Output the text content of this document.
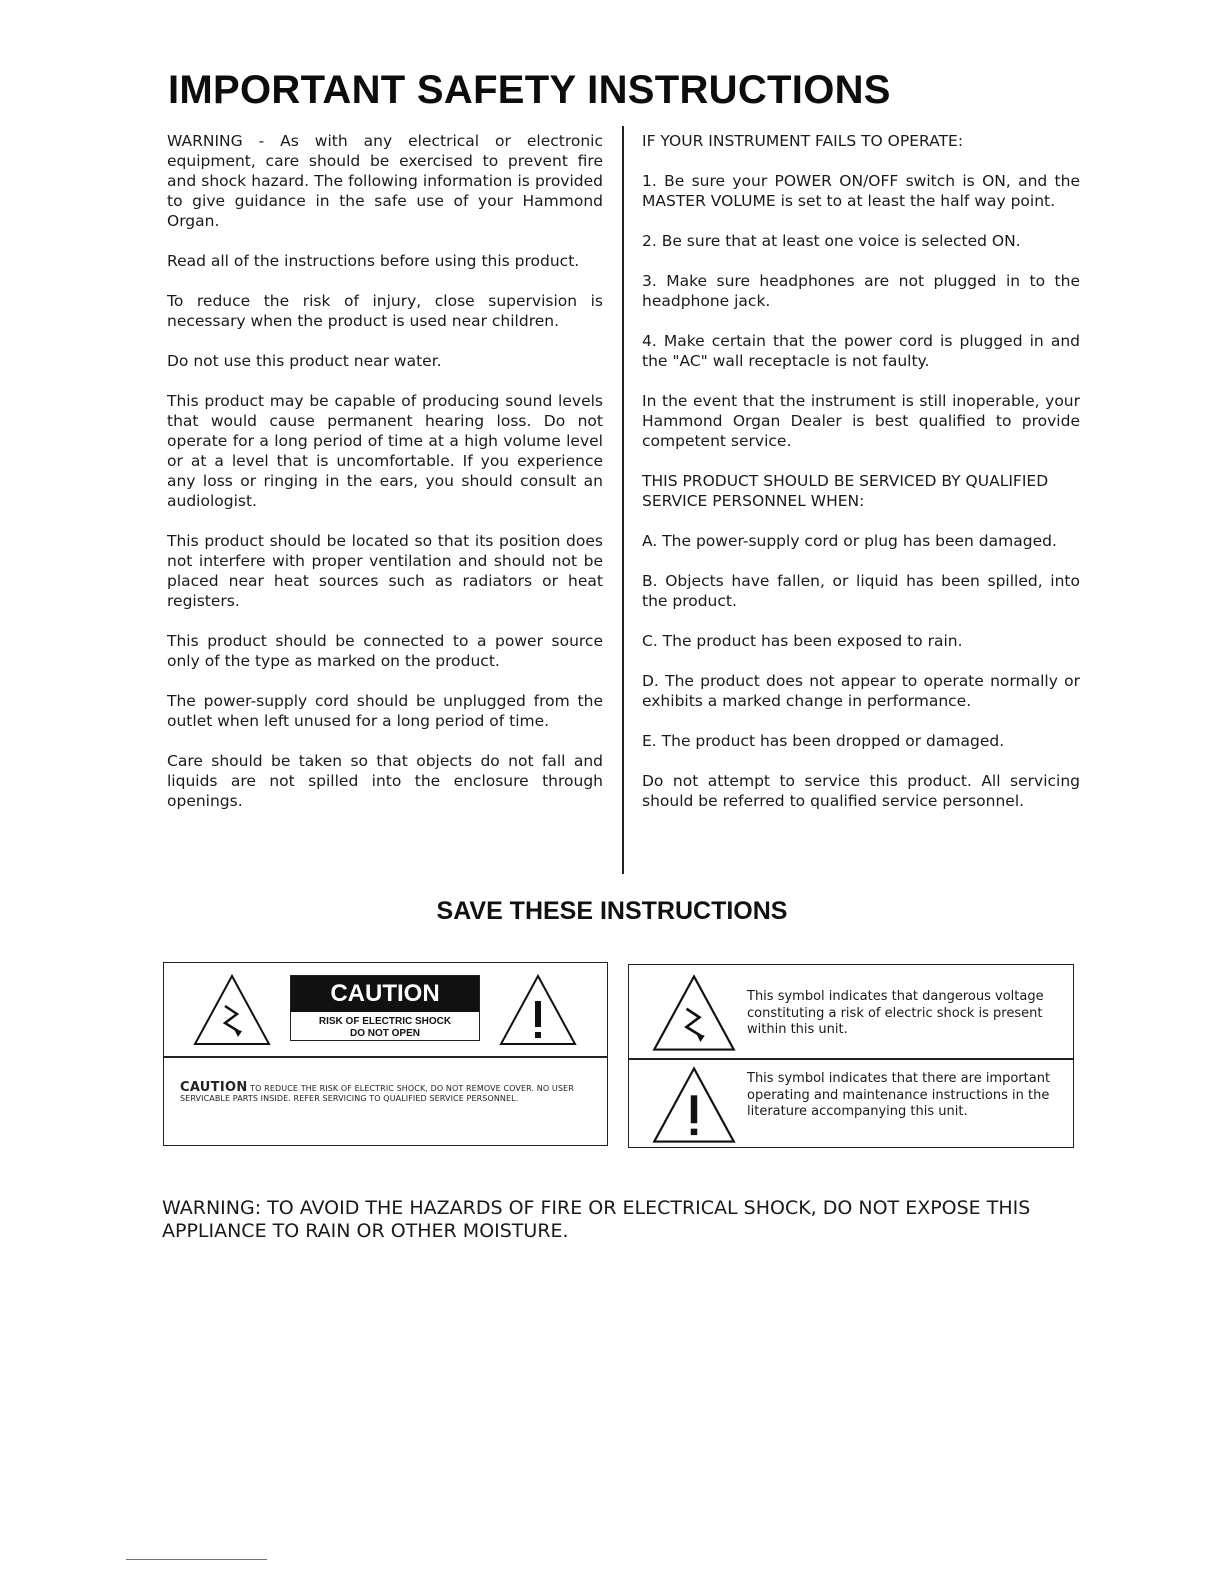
IMPORTANT SAFETY INSTRUCTIONS

WARNING - As with any electrical or electronic equipment, care should be exercised to prevent fire and shock hazard. The following information is provided to give guidance in the safe use of your Hammond Organ.

Read all of the instructions before using this product.

To reduce the risk of injury, close supervision is necessary when the product is used near children.

Do not use this product near water.

This product may be capable of producing sound levels that would cause permanent hearing loss. Do not operate for a long period of time at a high volume level or at a level that is uncomfortable. If you experience any loss or ringing in the ears, you should consult an audiologist.

This product should be located so that its position does not interfere with proper ventilation and should not be placed near heat sources such as radiators or heat registers.

This product should be connected to a power source only of the type as marked on the product.

The power-supply cord should be unplugged from the outlet when left unused for a long period of time.

Care should be taken so that objects do not fall and liquids are not spilled into the enclosure through openings.

IF YOUR INSTRUMENT FAILS TO OPERATE:

1. Be sure your POWER ON/OFF switch is ON, and the MASTER VOLUME is set to at least the half way point.

2. Be sure that at least one voice is selected ON.

3. Make sure headphones are not plugged in to the headphone jack.

4. Make certain that the power cord is plugged in and the "AC" wall receptacle is not faulty.

In the event that the instrument is still inoperable, your Hammond Organ Dealer is best qualified to provide competent service.

THIS PRODUCT SHOULD BE SERVICED BY QUALIFIED SERVICE PERSONNEL WHEN:

A. The power-supply cord or plug has been damaged.

B. Objects have fallen, or liquid has been spilled, into the product.

C. The product has been exposed to rain.

D. The product does not appear to operate normally or exhibits a marked change in performance.

E. The product has been dropped or damaged.

Do not attempt to service this product. All servicing should be referred to qualified service personnel.

SAVE THESE INSTRUCTIONS
CAUTION
RISK OF ELECTRIC SHOCK
DO NOT OPEN
CAUTION TO REDUCE THE RISK OF ELECTRIC SHOCK, DO NOT REMOVE COVER. NO USER SERVICABLE PARTS INSIDE. REFER SERVICING TO QUALIFIED SERVICE PERSONNEL.
This symbol indicates that dangerous voltage constituting a risk of electric shock is present within this unit.
This symbol indicates that there are important operating and maintenance instructions in the literature accompanying this unit.
WARNING: TO AVOID THE HAZARDS OF FIRE OR ELECTRICAL SHOCK, DO NOT EXPOSE THIS APPLIANCE TO RAIN OR OTHER MOISTURE.
